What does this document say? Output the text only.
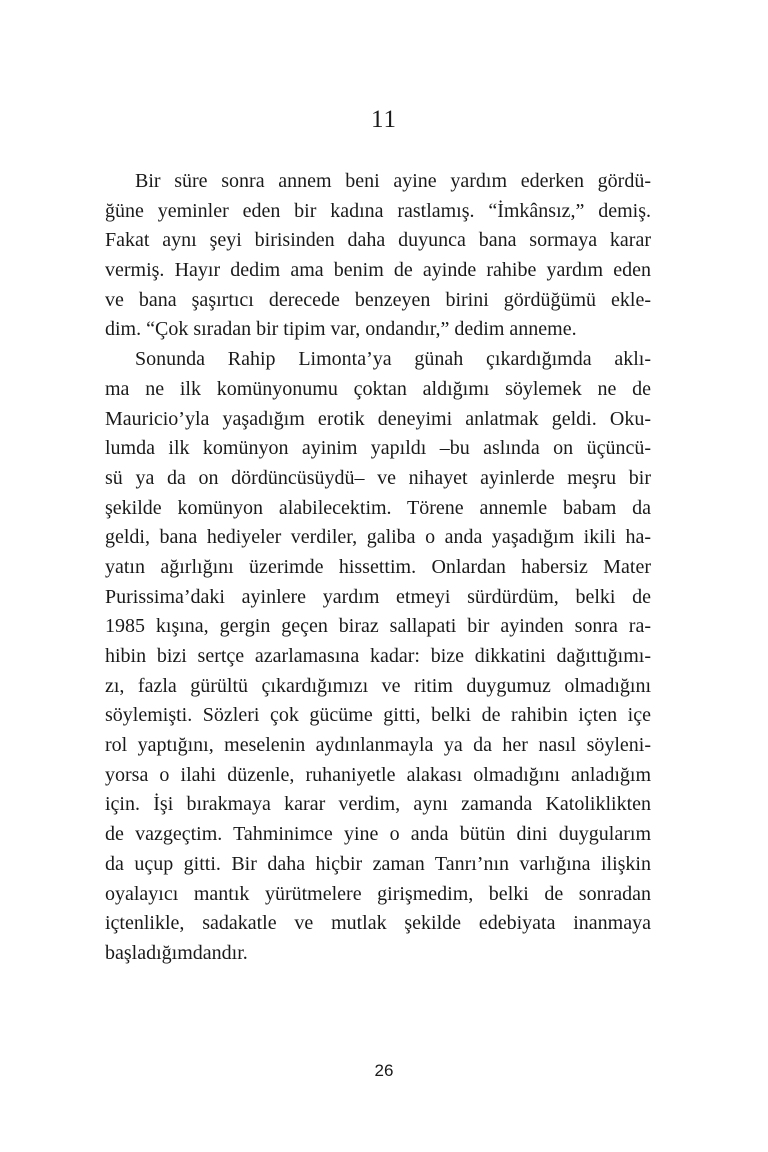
11
Bir süre sonra annem beni ayine yardım ederken gördü-
ğüne yeminler eden bir kadına rastlamış. “İmkânsız,” demiş.
Fakat aynı şeyi birisinden daha duyunca bana sormaya karar
vermiş. Hayır dedim ama benim de ayinde rahibe yardım eden
ve bana şaşırtıcı derecede benzeyen birini gördüğümü ekle-
dim. “Çok sıradan bir tipim var, ondandır,” dedim anneme.
Sonunda Rahip Limonta’ya günah çıkardığımda aklı-
ma ne ilk komünyonumu çoktan aldığımı söylemek ne de
Mauricio’yla yaşadığım erotik deneyimi anlatmak geldi. Oku-
lumda ilk komünyon ayinim yapıldı –bu aslında on üçüncü-
sü ya da on dördüncüsüydü– ve nihayet ayinlerde meşru bir
şekilde komünyon alabilecektim. Törene annemle babam da
geldi, bana hediyeler verdiler, galiba o anda yaşadığım ikili ha-
yatın ağırlığını üzerimde hissettim. Onlardan habersiz Mater
Purissima’daki ayinlere yardım etmeyi sürdürdüm, belki de
1985 kışına, gergin geçen biraz sallapati bir ayinden sonra ra-
hibin bizi sertçe azarlamasına kadar: bize dikkatini dağıttığımı-
zı, fazla gürültü çıkardığımızı ve ritim duygumuz olmadığını
söylemişti. Sözleri çok gücüme gitti, belki de rahibin içten içe
rol yaptığını, meselenin aydınlanmayla ya da her nasıl söyleni-
yorsa o ilahi düzenle, ruhaniyetle alakası olmadığını anladığım
için. İşi bırakmaya karar verdim, aynı zamanda Katoliklikten
de vazgeçtim. Tahminimce yine o anda bütün dini duygularım
da uçup gitti. Bir daha hiçbir zaman Tanrı’nın varlığına ilişkin
oyalayıcı mantık yürütmelere girişmedim, belki de sonradan
içtenlikle, sadakatle ve mutlak şekilde edebiyata inanmaya
başladığımdandır.
26
